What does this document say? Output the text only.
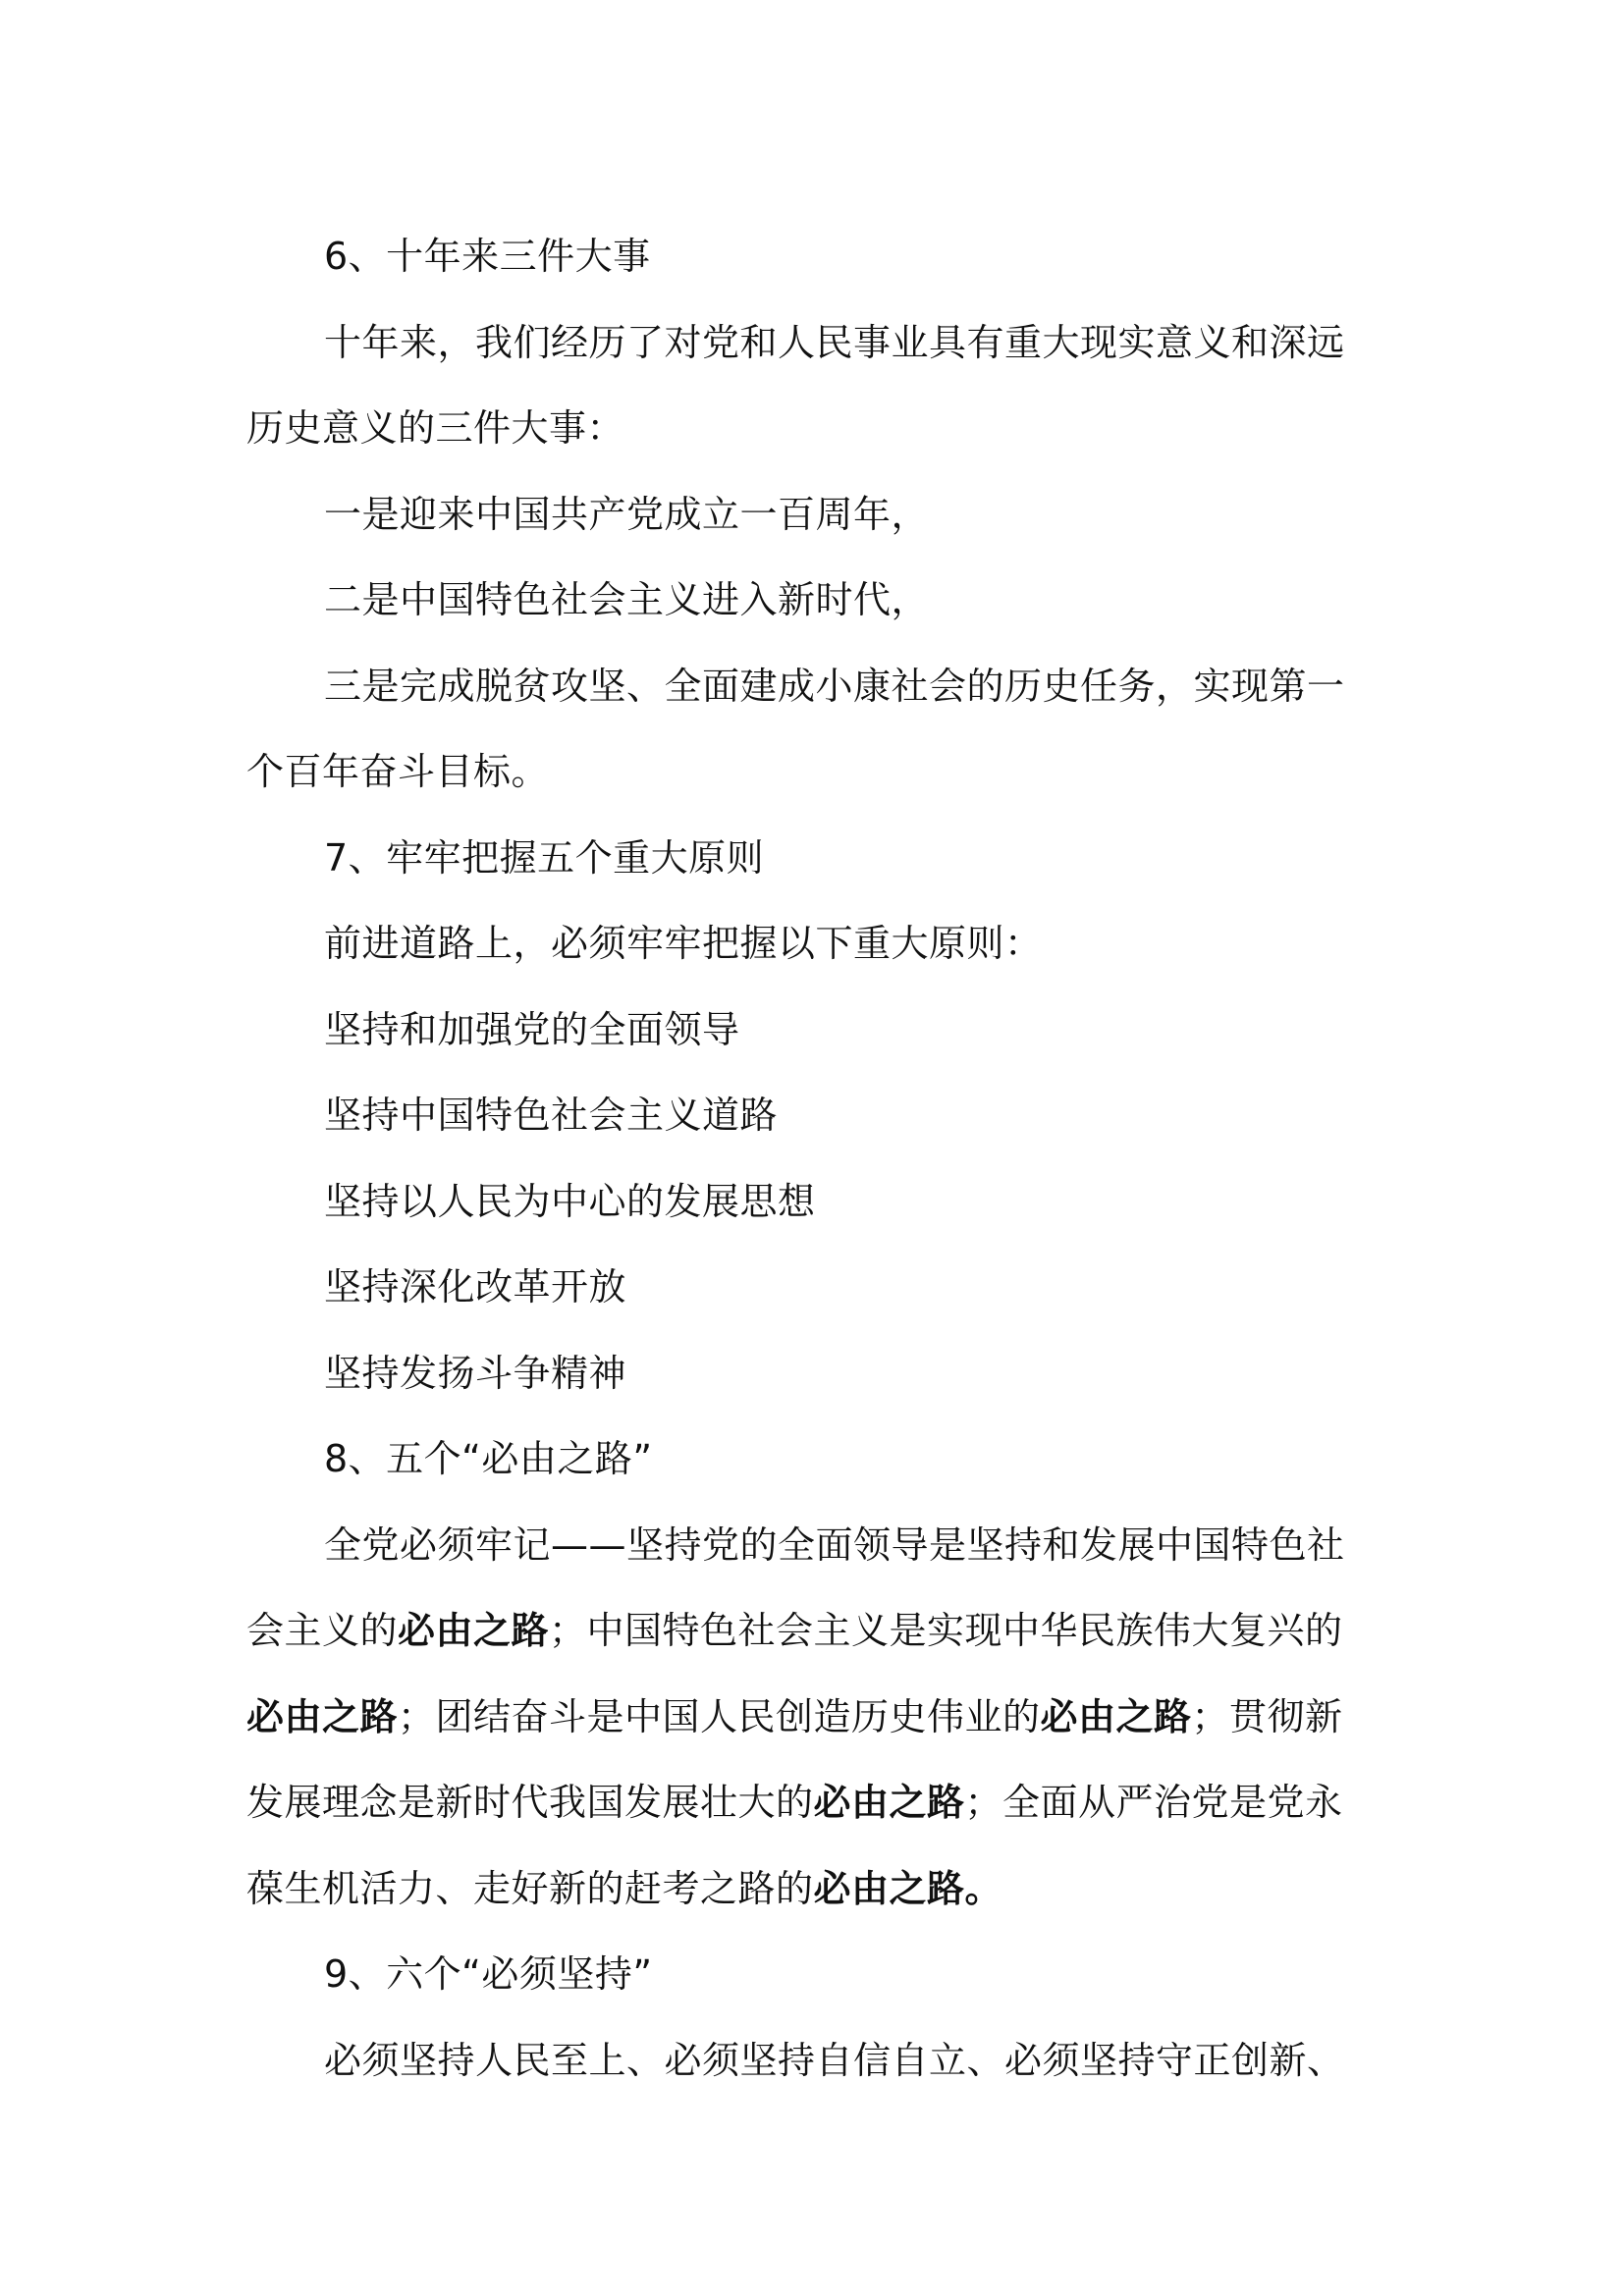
6、十年来三件大事

十年来，我们经历了对党和人民事业具有重大现实意义和深远

历史意义的三件大事：

一是迎来中国共产党成立一百周年，

二是中国特色社会主义进入新时代，

三是完成脱贫攻坚、全面建成小康社会的历史任务，实现第一

个百年奋斗目标。

7、牢牢把握五个重大原则

前进道路上，必须牢牢把握以下重大原则：

坚持和加强党的全面领导

坚持中国特色社会主义道路

坚持以人民为中心的发展思想

坚持深化改革开放

坚持发扬斗争精神

8、五个“必由之路”

全党必须牢记——坚持党的全面领导是坚持和发展中国特色社

会主义的必由之路；中国特色社会主义是实现中华民族伟大复兴的

必由之路；团结奋斗是中国人民创造历史伟业的必由之路；贯彻新

发展理念是新时代我国发展壮大的必由之路；全面从严治党是党永

葆生机活力、走好新的赶考之路的必由之路。

9、六个“必须坚持”

必须坚持人民至上、必须坚持自信自立、必须坚持守正创新、
